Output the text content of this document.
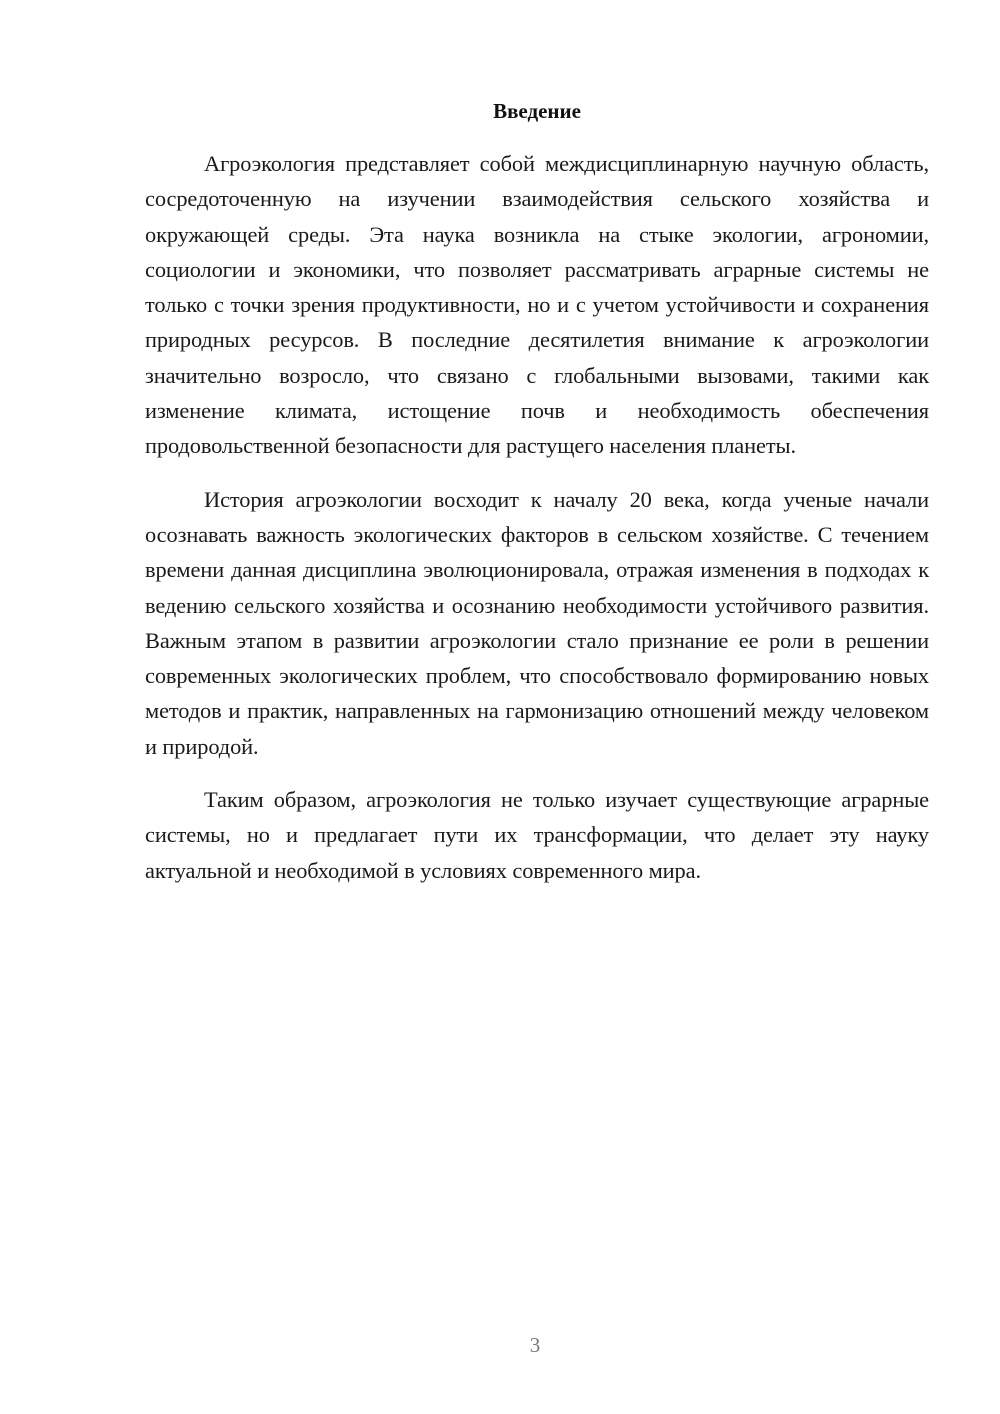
Введение

Агроэкология представляет собой междисциплинарную научную область, сосредоточенную на изучении взаимодействия сельского хозяйства и окружающей среды. Эта наука возникла на стыке экологии, агрономии, социологии и экономики, что позволяет рассматривать аграрные системы не только с точки зрения продуктивности, но и с учетом устойчивости и сохранения природных ресурсов. В последние десятилетия внимание к агроэкологии значительно возросло, что связано с глобальными вызовами, такими как изменение климата, истощение почв и необходимость обеспечения продовольственной безопасности для растущего населения планеты.

История агроэкологии восходит к началу 20 века, когда ученые начали осознавать важность экологических факторов в сельском хозяйстве. С течением времени данная дисциплина эволюционировала, отражая изменения в подходах к ведению сельского хозяйства и осознанию необходимости устойчивого развития. Важным этапом в развитии агроэкологии стало признание ее роли в решении современных экологических проблем, что способствовало формированию новых методов и практик, направленных на гармонизацию отношений между человеком и природой.

Таким образом, агроэкология не только изучает существующие аграрные системы, но и предлагает пути их трансформации, что делает эту науку актуальной и необходимой в условиях современного мира.

3
